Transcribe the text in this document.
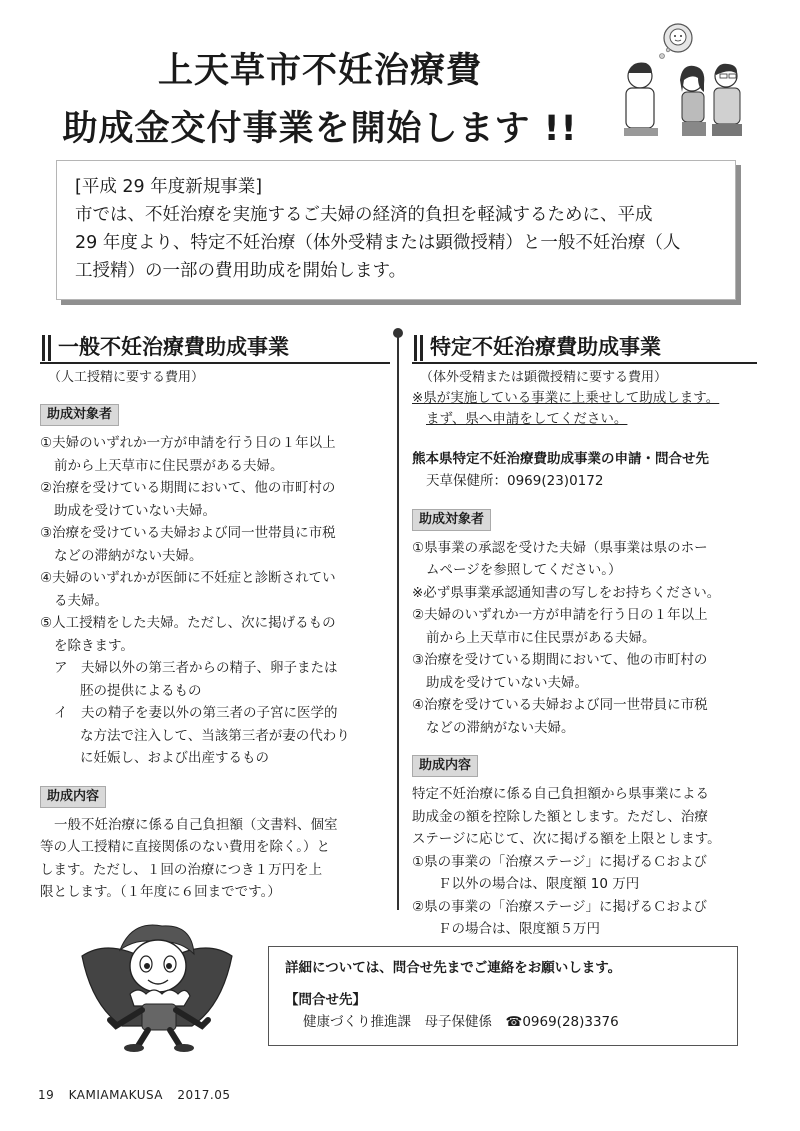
上天草市不妊治療費
助成金交付事業を開始します !!
[平成 29 年度新規事業]
市では、不妊治療を実施するご夫婦の経済的負担を軽減するために、平成
29 年度より、特定不妊治療（体外受精または顕微授精）と一般不妊治療（人
工授精）の一部の費用助成を開始します。
一般不妊治療費助成事業
（人工授精に要する費用）
助成対象者
①夫婦のいずれか一方が申請を行う日の１年以上
前から上天草市に住民票がある夫婦。
②治療を受けている期間において、他の市町村の
助成を受けていない夫婦。
③治療を受けている夫婦および同一世帯員に市税
などの滞納がない夫婦。
④夫婦のいずれかが医師に不妊症と診断されてい
る夫婦。
⑤人工授精をした夫婦。ただし、次に掲げるもの
を除きます。
ア　夫婦以外の第三者からの精子、卵子または
胚の提供によるもの
イ　夫の精子を妻以外の第三者の子宮に医学的
な方法で注入して、当該第三者が妻の代わり
に妊娠し、および出産するもの
助成内容
一般不妊治療に係る自己負担額（文書料、個室
等の人工授精に直接関係のない費用を除く。）と
します。ただし、１回の治療につき１万円を上
限とします。（１年度に６回までです。）
特定不妊治療費助成事業
（体外受精または顕微授精に要する費用）
※県が実施している事業に上乗せして助成します。
まず、県へ申請をしてください。
熊本県特定不妊治療費助成事業の申請・問合せ先
天草保健所：0969(23)0172
助成対象者
①県事業の承認を受けた夫婦（県事業は県のホー
ムページを参照してください。）
※必ず県事業承認通知書の写しをお持ちください。
②夫婦のいずれか一方が申請を行う日の１年以上
前から上天草市に住民票がある夫婦。
③治療を受けている期間において、他の市町村の
助成を受けていない夫婦。
④治療を受けている夫婦および同一世帯員に市税
などの滞納がない夫婦。
助成内容
特定不妊治療に係る自己負担額から県事業による
助成金の額を控除した額とします。ただし、治療
ステージに応じて、次に掲げる額を上限とします。
①県の事業の「治療ステージ」に掲げるＣおよび
Ｆ以外の場合は、限度額 10 万円
②県の事業の「治療ステージ」に掲げるＣおよび
Ｆの場合は、限度額５万円
詳細については、問合せ先までご連絡をお願いします。
【問合せ先】
健康づくり推進課　母子保健係　☎0969(28)3376
19 KAMIAMAKUSA 2017.05
